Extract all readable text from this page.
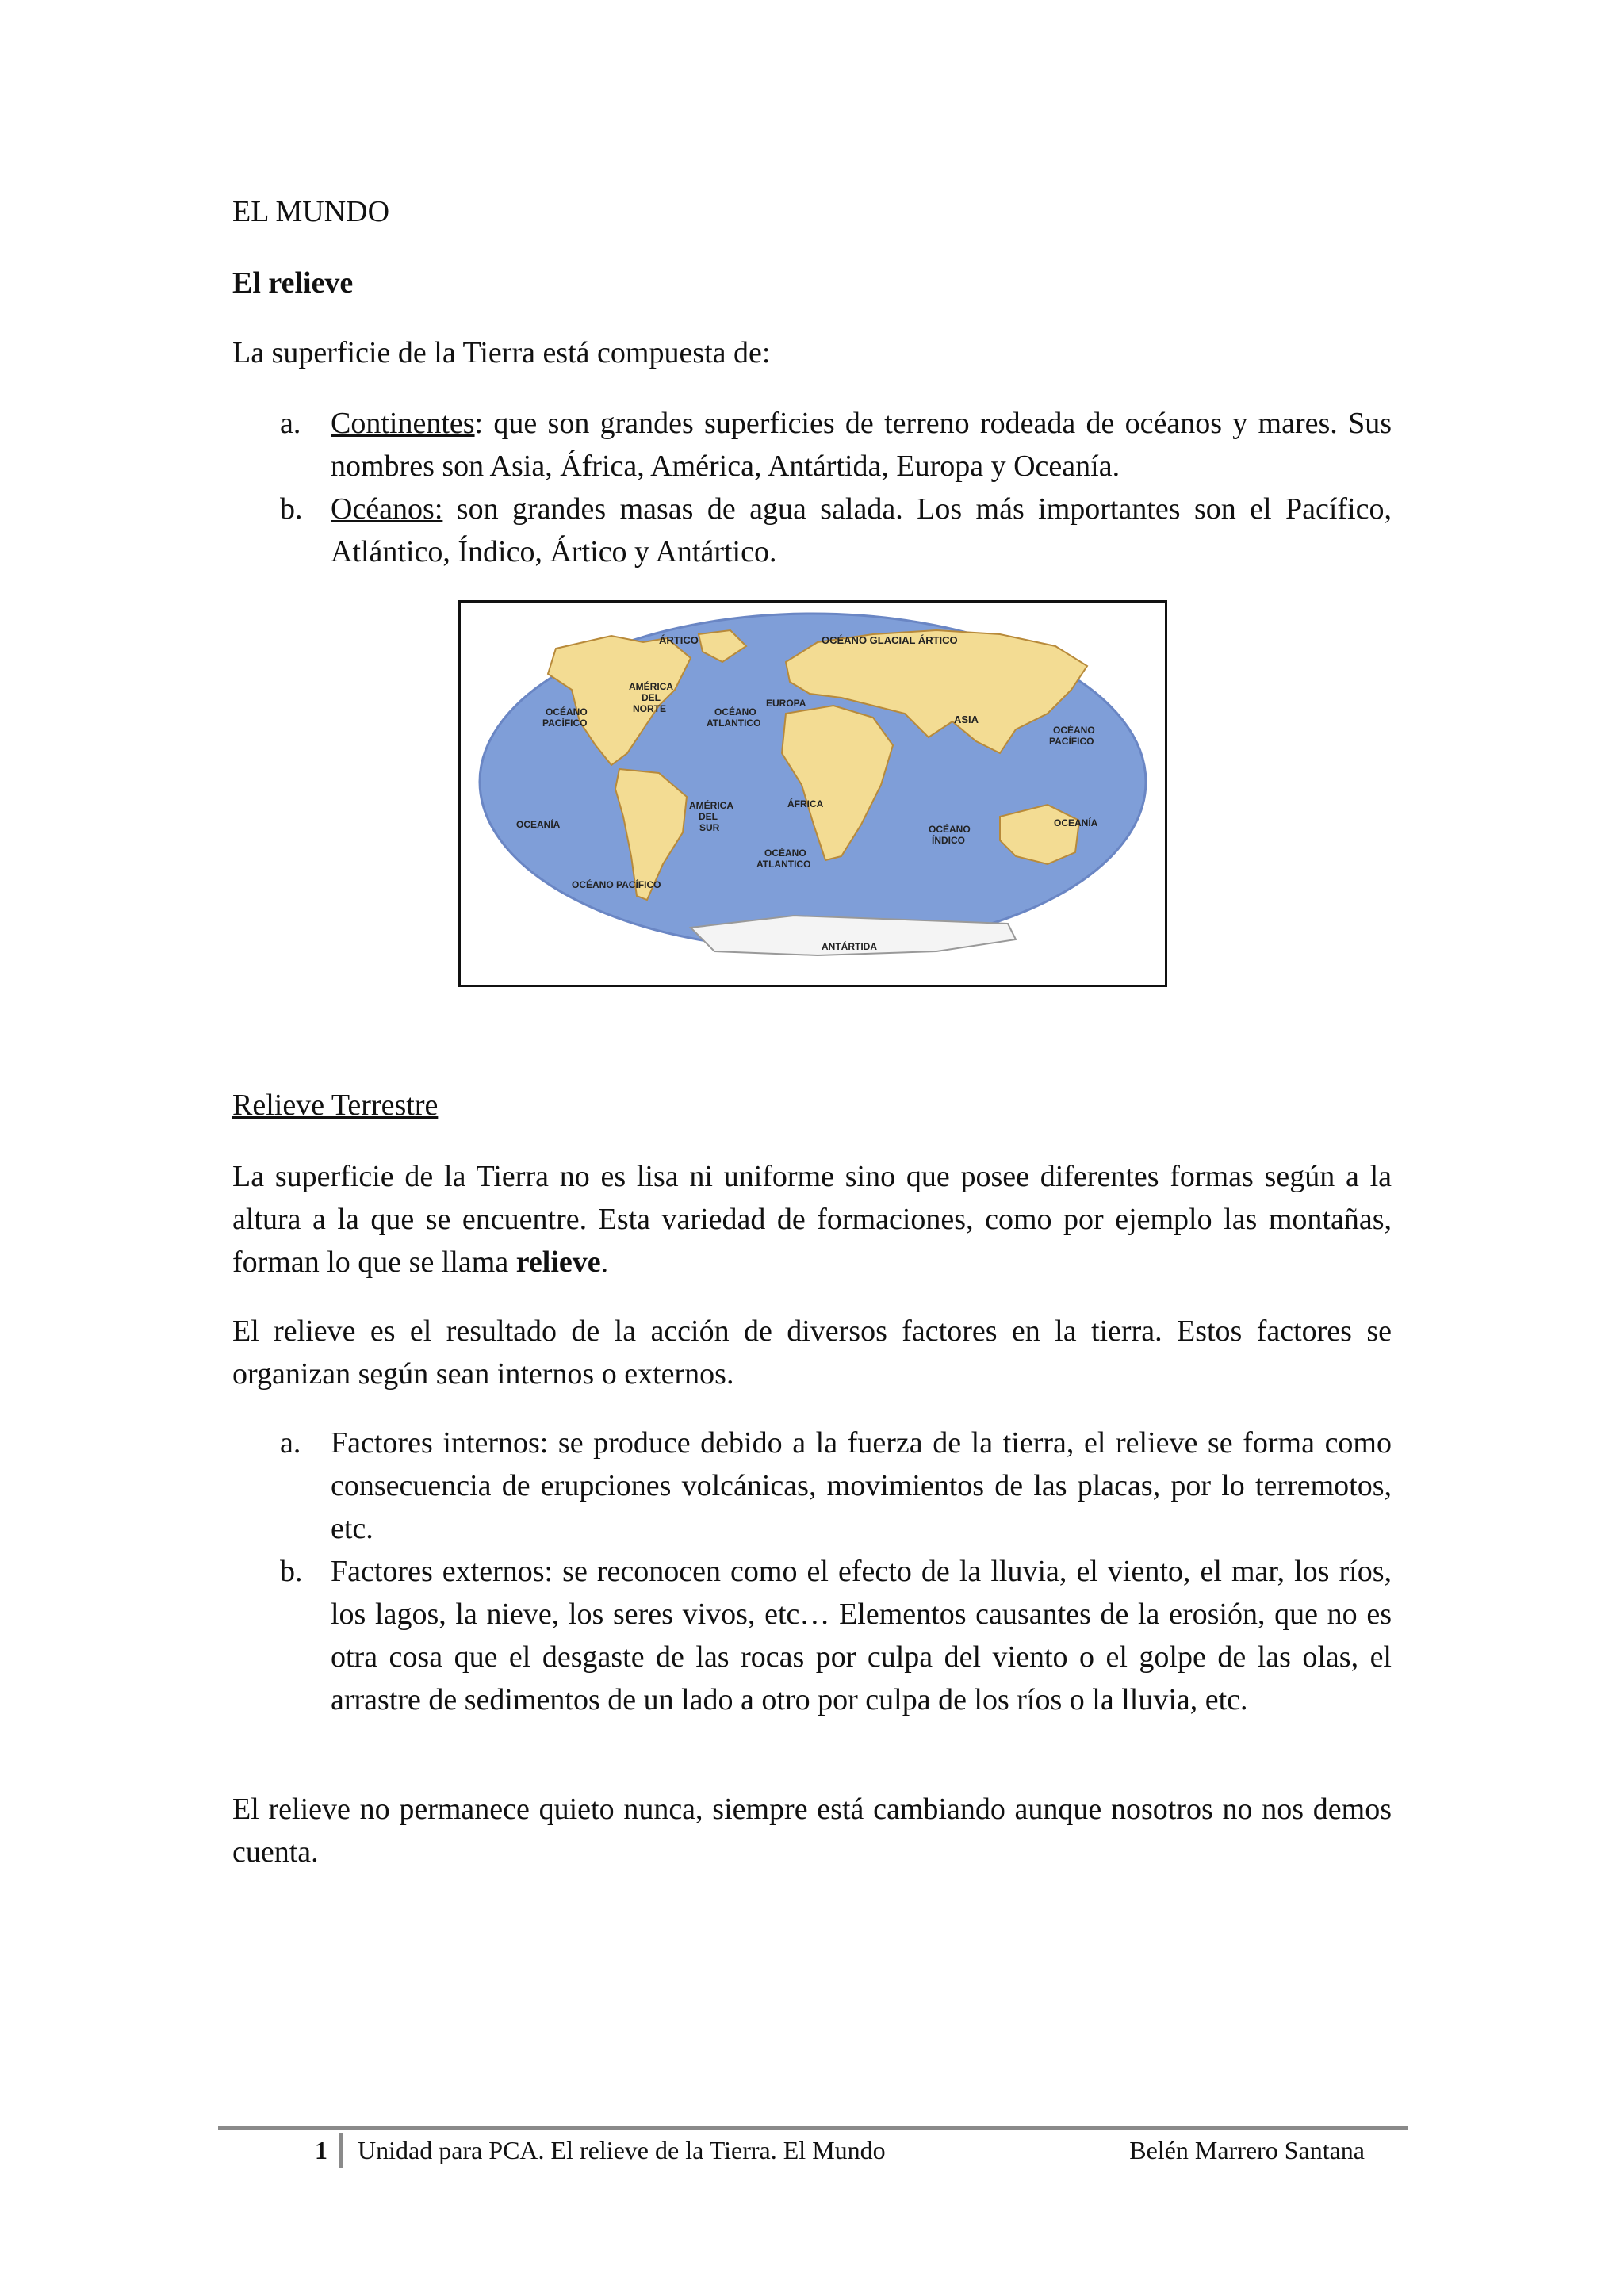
EL MUNDO

El relieve

La superficie de la Tierra está compuesta de:

a. Continentes: que son grandes superficies de terreno rodeada de océanos y mares. Sus nombres son Asia, África, América, Antártida, Europa y Oceanía.
b. Océanos: son grandes masas de agua salada. Los más importantes son el Pacífico, Atlántico, Índico, Ártico y Antártico.
ÁRTICO	OCÉANO GLACIAL ÁRTICO
AMÉRICA
DEL
NORTE
OCÉANO
PACÍFICO
OCÉANO
ATLANTICO
EUROPA
ASIA
OCÉANO
PACÍFICO
ÁFRICA
AMÉRICA
DEL
SUR
OCEANÍA	OCEANÍA
OCÉANO
ATLANTICO
OCÉANO
ÍNDICO
OCÉANO PACÍFICO
ANTÁRTIDA

Relieve Terrestre

La superficie de la Tierra no es lisa ni uniforme sino que posee diferentes formas según a la altura a la que se encuentre. Esta variedad de formaciones, como por ejemplo las montañas, forman lo que se llama relieve.

El relieve es el resultado de la acción de diversos factores en la tierra. Estos factores se organizan según sean internos o externos.

a. Factores internos: se produce debido a la fuerza de la tierra, el relieve se forma como consecuencia de erupciones volcánicas, movimientos de las placas, por lo terremotos, etc.
b. Factores externos: se reconocen como el efecto de la lluvia, el viento, el mar, los ríos, los lagos, la nieve, los seres vivos, etc… Elementos causantes de la erosión, que no es otra cosa que el desgaste de las rocas por culpa del viento o el golpe de las olas, el arrastre de sedimentos de un lado a otro por culpa de los ríos o la lluvia, etc.

El relieve no permanece quieto nunca, siempre está cambiando aunque nosotros no nos demos cuenta.

1 Unidad para PCA. El relieve de la Tierra. El Mundo	Belén Marrero Santana
